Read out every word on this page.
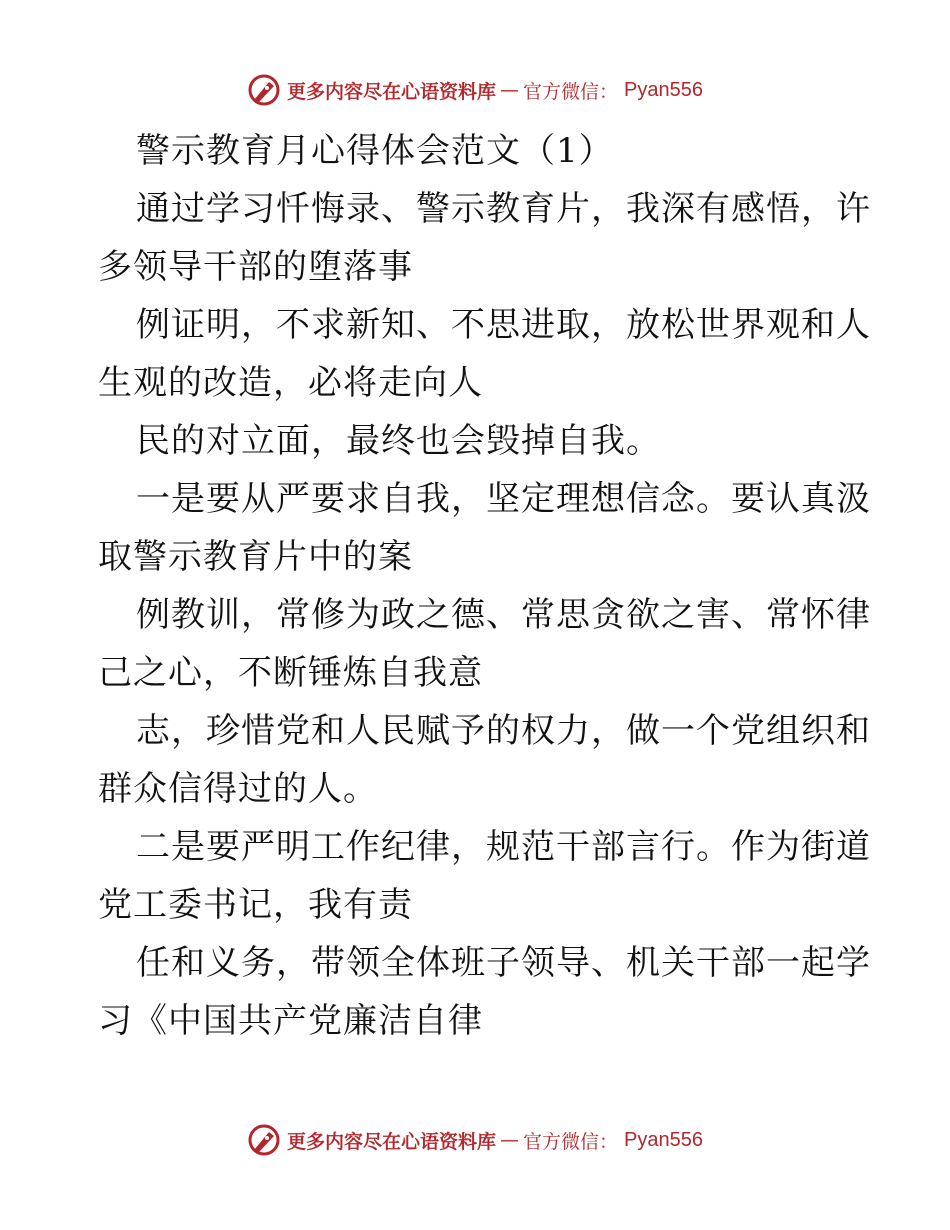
更多内容尽在心语资料库 — 官方微信： Pyan556
警示教育月心得体会范文（1）
通过学习忏悔录、警示教育片，我深有感悟，许
多领导干部的堕落事
例证明，不求新知、不思进取，放松世界观和人
生观的改造，必将走向人
民的对立面，最终也会毁掉自我。
一是要从严要求自我，坚定理想信念。要认真汲
取警示教育片中的案
例教训，常修为政之德、常思贪欲之害、常怀律
己之心，不断锤炼自我意
志，珍惜党和人民赋予的权力，做一个党组织和
群众信得过的人。
二是要严明工作纪律，规范干部言行。作为街道
党工委书记，我有责
任和义务，带领全体班子领导、机关干部一起学
习《中国共产党廉洁自律
更多内容尽在心语资料库 — 官方微信： Pyan556
